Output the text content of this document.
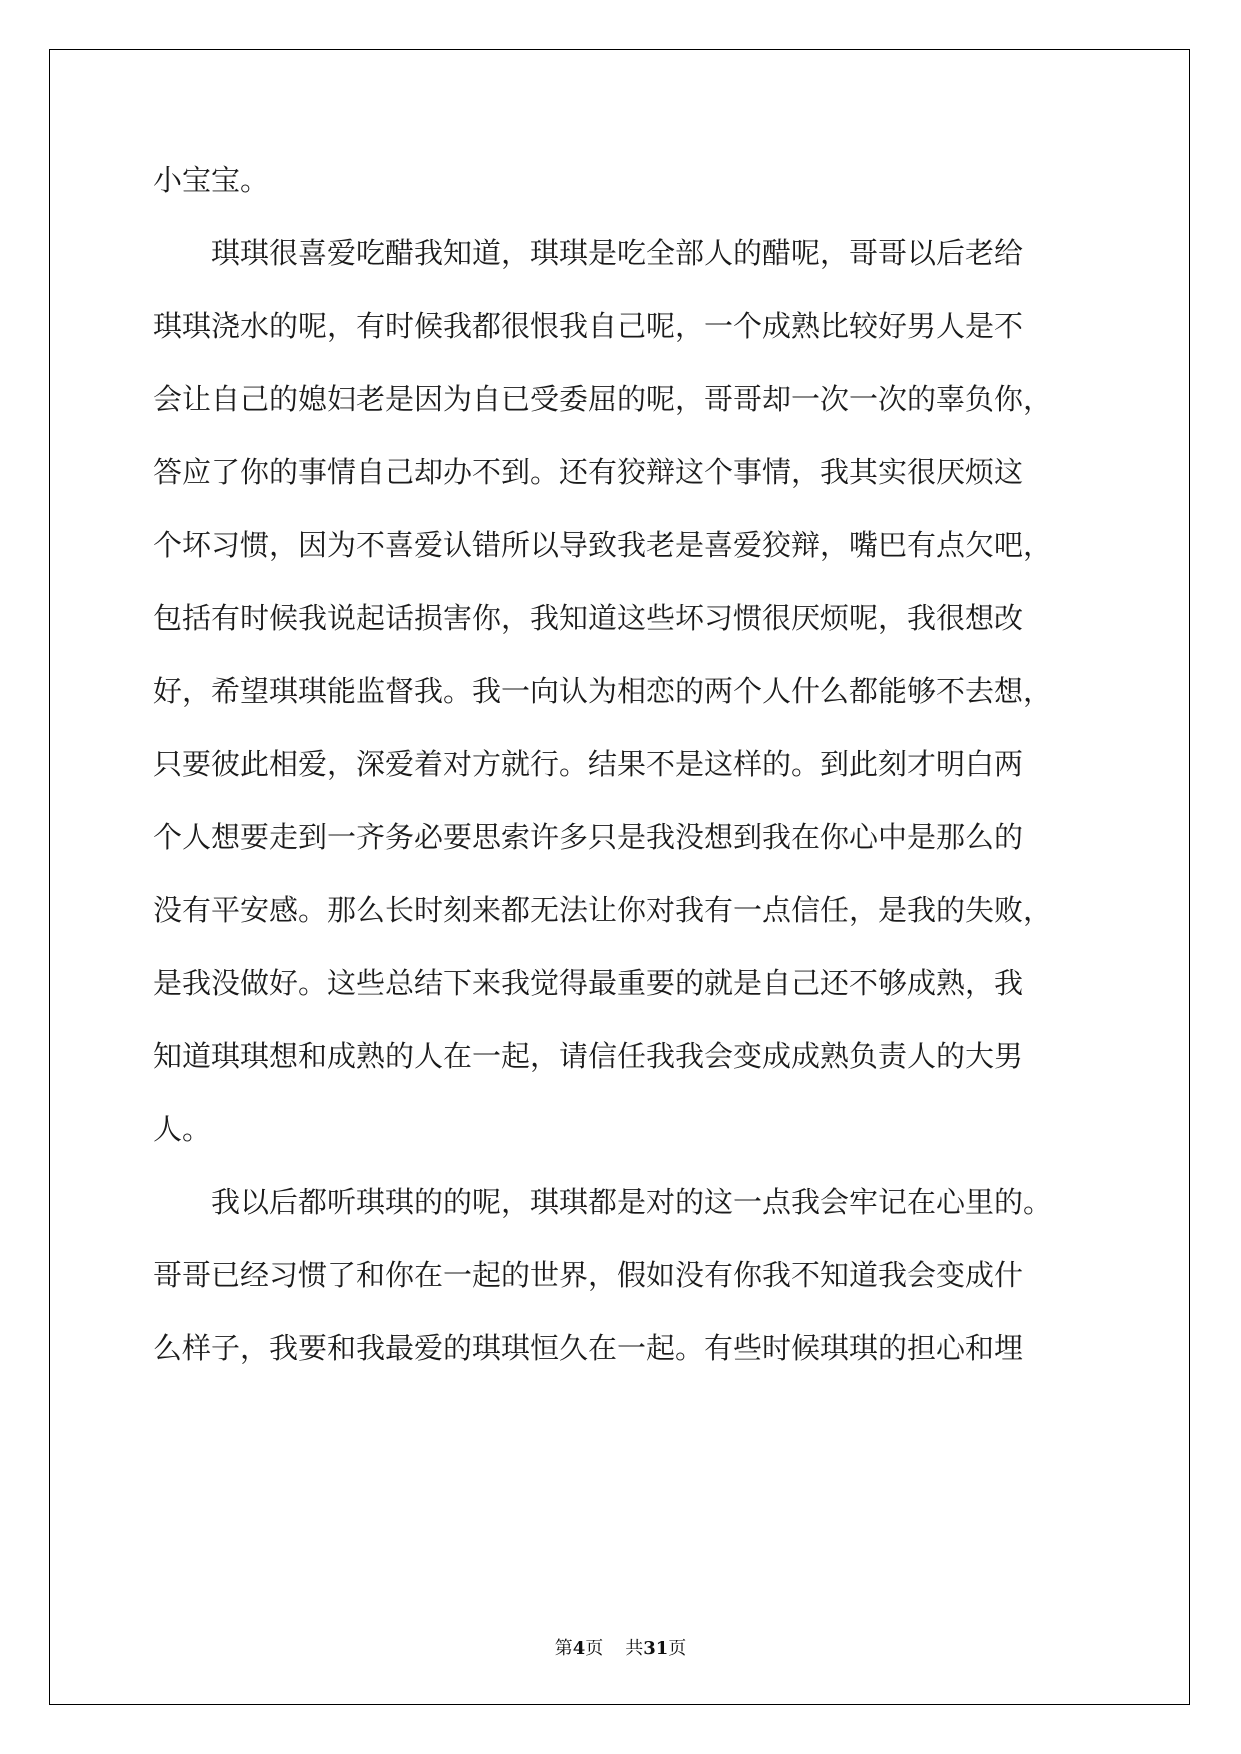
小宝宝。
琪琪很喜爱吃醋我知道，琪琪是吃全部人的醋呢，哥哥以后老给
琪琪浇水的呢，有时候我都很恨我自己呢，一个成熟比较好男人是不
会让自己的媳妇老是因为自已受委屈的呢，哥哥却一次一次的辜负你，
答应了你的事情自己却办不到。还有狡辩这个事情，我其实很厌烦这
个坏习惯，因为不喜爱认错所以导致我老是喜爱狡辩，嘴巴有点欠吧，
包括有时候我说起话损害你，我知道这些坏习惯很厌烦呢，我很想改
好，希望琪琪能监督我。我一向认为相恋的两个人什么都能够不去想，
只要彼此相爱，深爱着对方就行。结果不是这样的。到此刻才明白两
个人想要走到一齐务必要思索许多只是我没想到我在你心中是那么的
没有平安感。那么长时刻来都无法让你对我有一点信任，是我的失败，
是我没做好。这些总结下来我觉得最重要的就是自己还不够成熟，我
知道琪琪想和成熟的人在一起，请信任我我会变成成熟负责人的大男
人。
我以后都听琪琪的的呢，琪琪都是对的这一点我会牢记在心里的。
哥哥已经习惯了和你在一起的世界，假如没有你我不知道我会变成什
么样子，我要和我最爱的琪琪恒久在一起。有些时候琪琪的担心和埋
第4页 共31页
